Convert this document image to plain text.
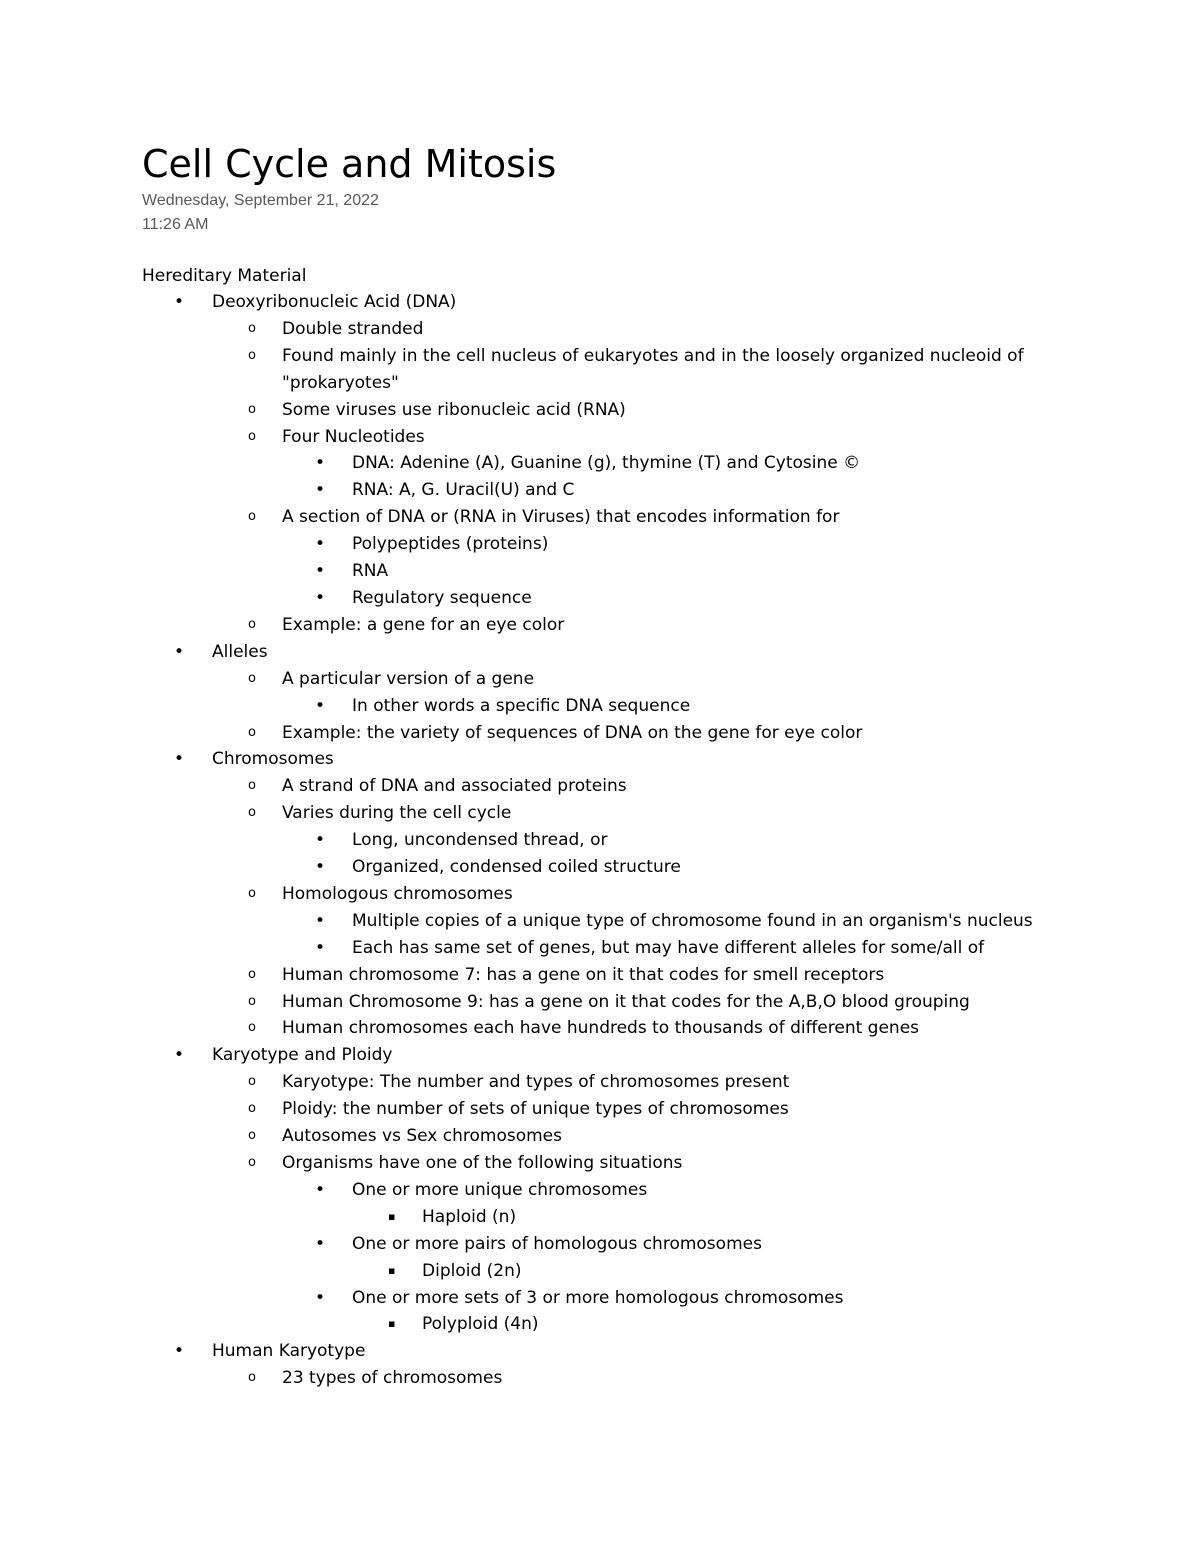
Cell Cycle and Mitosis
Wednesday, September 21, 2022
11:26 AM
Hereditary Material
• Deoxyribonucleic Acid (DNA)
o Double stranded
o Found mainly in the cell nucleus of eukaryotes and in the loosely organized nucleoid of "prokaryotes"
o Some viruses use ribonucleic acid (RNA)
o Four Nucleotides
• DNA: Adenine (A), Guanine (g), thymine (T) and Cytosine ©
• RNA: A, G. Uracil(U) and C
o A section of DNA or (RNA in Viruses) that encodes information for
• Polypeptides (proteins)
• RNA
• Regulatory sequence
o Example: a gene for an eye color
• Alleles
o A particular version of a gene
• In other words a specific DNA sequence
o Example: the variety of sequences of DNA on the gene for eye color
• Chromosomes
o A strand of DNA and associated proteins
o Varies during the cell cycle
• Long, uncondensed thread, or
• Organized, condensed coiled structure
o Homologous chromosomes
• Multiple copies of a unique type of chromosome found in an organism's nucleus
• Each has same set of genes, but may have different alleles for some/all of
o Human chromosome 7: has a gene on it that codes for smell receptors
o Human Chromosome 9: has a gene on it that codes for the A,B,O blood grouping
o Human chromosomes each have hundreds to thousands of different genes
• Karyotype and Ploidy
o Karyotype: The number and types of chromosomes present
o Ploidy: the number of sets of unique types of chromosomes
o Autosomes vs Sex chromosomes
o Organisms have one of the following situations
• One or more unique chromosomes
▪ Haploid (n)
• One or more pairs of homologous chromosomes
▪ Diploid (2n)
• One or more sets of 3 or more homologous chromosomes
▪ Polyploid (4n)
• Human Karyotype
o 23 types of chromosomes
